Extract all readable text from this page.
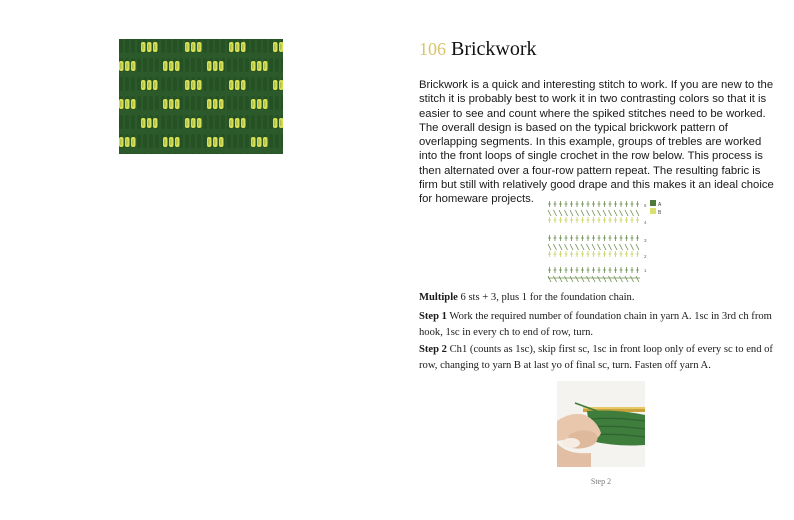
106 Brickwork

Brickwork is a quick and interesting stitch to work. If you are new to the stitch it is probably best to work it in two contrasting colors so that it is easier to see and count where the spiked stitches need to be worked. The overall design is based on the typical brickwork pattern of overlapping segments. In this example, groups of trebles are worked into the front loops of single crochet in the row below. This process is then alternated over a four-row pattern repeat. The resulting fabric is firm but still with relatively good drape and this makes it an ideal choice for homeware projects.	A
B
5
4
3
2
1

Multiple 6 sts + 3, plus 1 for the foundation chain.

Step 1 Work the required number of foundation chain in yarn A. 1sc in 3rd ch from hook, 1sc in every ch to end of row, turn.

Step 2 Ch1 (counts as 1sc), skip first sc, 1sc in front loop only of every sc to end of row, changing to yarn B at last yo of final sc, turn. Fasten off yarn A.

Step 2
